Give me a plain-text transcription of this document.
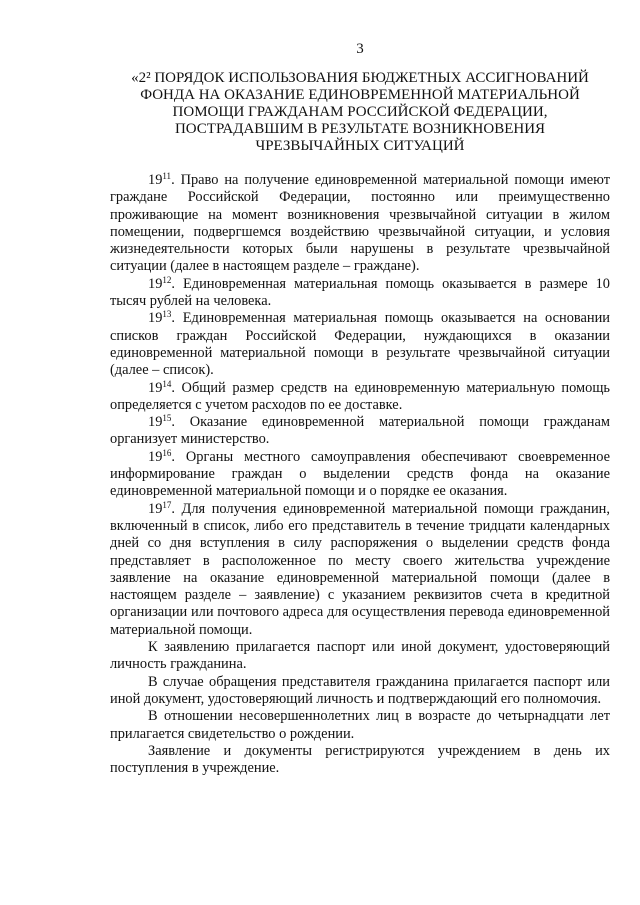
3
«2² ПОРЯДОК ИСПОЛЬЗОВАНИЯ БЮДЖЕТНЫХ АССИГНОВАНИЙ
ФОНДА НА ОКАЗАНИЕ ЕДИНОВРЕМЕННОЙ МАТЕРИАЛЬНОЙ
ПОМОЩИ ГРАЖДАНАМ РОССИЙСКОЙ ФЕДЕРАЦИИ,
ПОСТРАДАВШИМ В РЕЗУЛЬТАТЕ ВОЗНИКНОВЕНИЯ
ЧРЕЗВЫЧАЙНЫХ СИТУАЦИЙ

$19^{11}$. Право на получение единовременной материальной помощи имеют граждане Российской Федерации, постоянно или преимущественно проживающие на момент возникновения чрезвычайной ситуации в жилом помещении, подвергшемся воздействию чрезвычайной ситуации, и условия жизнедеятельности которых были нарушены в результате чрезвычайной ситуации (далее в настоящем разделе – граждане).

$19^{12}$. Единовременная материальная помощь оказывается в размере 10 тысяч рублей на человека.

$19^{13}$. Единовременная материальная помощь оказывается на основании списков граждан Российской Федерации, нуждающихся в оказании единовременной материальной помощи в результате чрезвычайной ситуации (далее – список).

$19^{14}$. Общий размер средств на единовременную материальную помощь определяется с учетом расходов по ее доставке.

$19^{15}$. Оказание единовременной материальной помощи гражданам организует министерство.

$19^{16}$. Органы местного самоуправления обеспечивают своевременное информирование граждан о выделении средств фонда на оказание единовременной материальной помощи и о порядке ее оказания.

$19^{17}$. Для получения единовременной материальной помощи гражданин, включенный в список, либо его представитель в течение тридцати календарных дней со дня вступления в силу распоряжения о выделении средств фонда представляет в расположенное по месту своего жительства учреждение заявление на оказание единовременной материальной помощи (далее в настоящем разделе – заявление) с указанием реквизитов счета в кредитной организации или почтового адреса для осуществления перевода единовременной материальной помощи.

К заявлению прилагается паспорт или иной документ, удостоверяющий личность гражданина.

В случае обращения представителя гражданина прилагается паспорт или иной документ, удостоверяющий личность и подтверждающий его полномочия.

В отношении несовершеннолетних лиц в возрасте до четырнадцати лет прилагается свидетельство о рождении.

Заявление и документы регистрируются учреждением в день их поступления в учреждение.
